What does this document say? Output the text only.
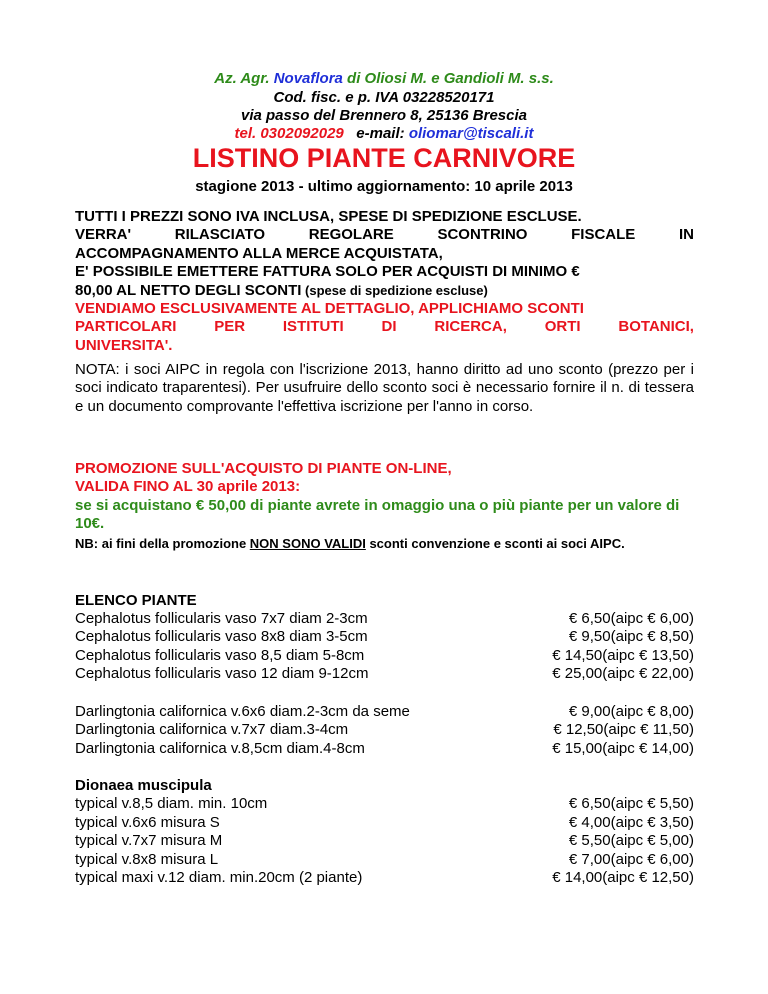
Az. Agr. Novaflora di Oliosi M. e Gandioli M. s.s.
Cod. fisc. e p. IVA 03228520171
via passo del Brennero 8, 25136 Brescia
tel. 0302092029 e-mail: oliomar@tiscali.it
LISTINO PIANTE CARNIVORE
stagione 2013 - ultimo aggiornamento: 10 aprile 2013
TUTTI I PREZZI SONO IVA INCLUSA, SPESE DI SPEDIZIONE ESCLUSE.
VERRA'	RILASCIATO	REGOLARE	SCONTRINO	FISCALE	IN
ACCOMPAGNAMENTO ALLA MERCE ACQUISTATA,
E' POSSIBILE EMETTERE FATTURA SOLO PER ACQUISTI DI MINIMO €
80,00 AL NETTO DEGLI SCONTI (spese di spedizione escluse)
VENDIAMO ESCLUSIVAMENTE AL DETTAGLIO, APPLICHIAMO SCONTI
PARTICOLARI	PER	ISTITUTI	DI	RICERCA,	ORTI	BOTANICI,
UNIVERSITA'.
NOTA: i soci AIPC in regola con l'iscrizione 2013, hanno diritto ad uno sconto (prezzo per i soci indicato traparentesi). Per usufruire dello sconto soci è necessario fornire il n. di tessera e un documento comprovante l'effettiva iscrizione per l'anno in corso.
PROMOZIONE SULL'ACQUISTO DI PIANTE ON-LINE,
VALIDA FINO AL 30 aprile 2013:
se si acquistano € 50,00 di piante avrete in omaggio una o più piante per un valore di 10€.
NB: ai fini della promozione NON SONO VALIDI sconti convenzione e sconti ai soci AIPC.
ELENCO PIANTE
Cephalotus follicularis vaso 7x7 diam 2-3cm	€ 6,50(aipc € 6,00)
Cephalotus follicularis vaso 8x8 diam 3-5cm	€ 9,50(aipc € 8,50)
Cephalotus follicularis vaso 8,5 diam 5-8cm	€ 14,50(aipc € 13,50)
Cephalotus follicularis vaso 12 diam 9-12cm	€ 25,00(aipc € 22,00)
Darlingtonia californica v.6x6 diam.2-3cm da seme	€ 9,00(aipc € 8,00)
Darlingtonia californica v.7x7 diam.3-4cm	€ 12,50(aipc € 11,50)
Darlingtonia californica v.8,5cm diam.4-8cm	€ 15,00(aipc € 14,00)
Dionaea muscipula
typical v.8,5 diam. min. 10cm	€ 6,50(aipc € 5,50)
typical v.6x6 misura S	€ 4,00(aipc € 3,50)
typical v.7x7 misura M	€ 5,50(aipc € 5,00)
typical v.8x8 misura L	€ 7,00(aipc € 6,00)
typical maxi v.12 diam. min.20cm (2 piante)	€ 14,00(aipc € 12,50)
